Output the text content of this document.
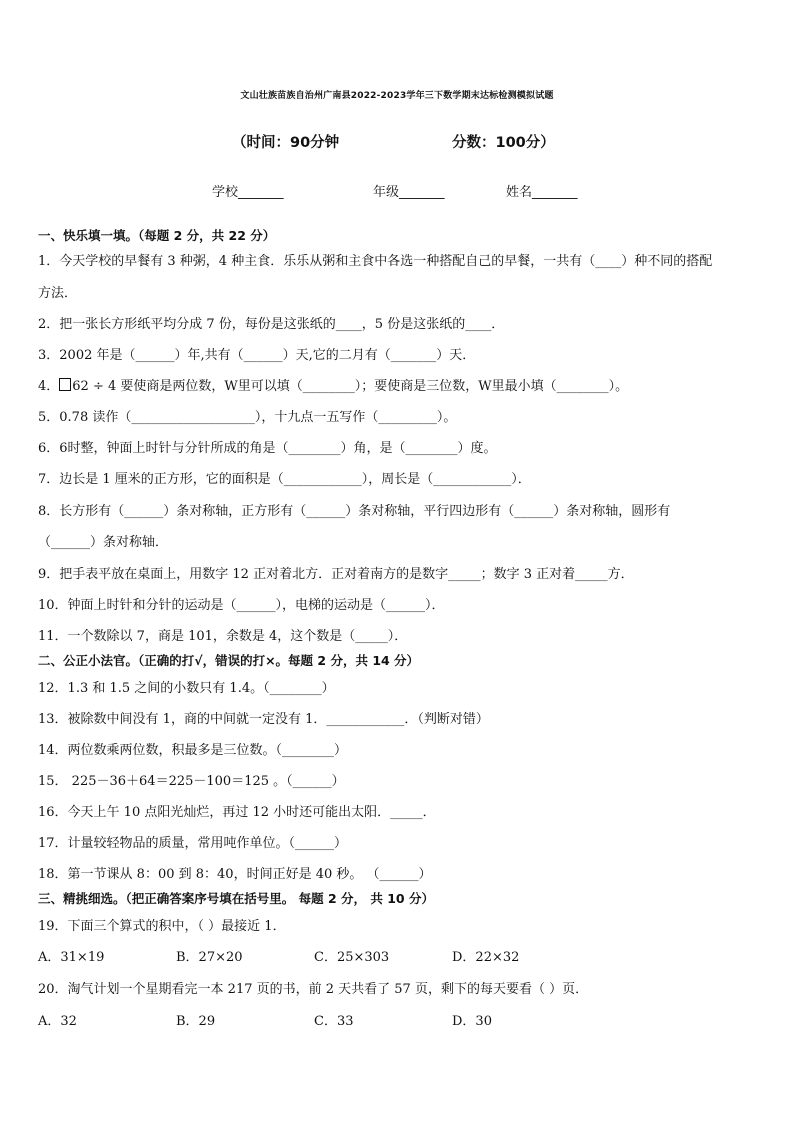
文山壮族苗族自治州广南县2022-2023学年三下数学期末达标检测模拟试题
（时间：90分钟	分数：100分）
学校_______	年级_______	姓名_______
一、快乐填一填。（每题 2 分，共 22 分）
1．今天学校的早餐有 3 种粥，4 种主食．乐乐从粥和主食中各选一种搭配自己的早餐，一共有（____）种不同的搭配
方法．
2．把一张长方形纸平均分成 7 份，每份是这张纸的____，5 份是这张纸的____．
3．2002 年是（______）年,共有（______）天,它的二月有（_______）天．
4． 62 ÷ 4 要使商是两位数，W里可以填（________）；要使商是三位数，W里最小填（________）。
5．0.78 读作（___________________），十九点一五写作（_________）。
6．6时整，钟面上时针与分针所成的角是（________）角，是（________）度。
7．边长是 1 厘米的正方形，它的面积是（____________），周长是（____________）．
8．长方形有（______）条对称轴，正方形有（______）条对称轴，平行四边形有（______）条对称轴，圆形有
（______）条对称轴．
9．把手表平放在桌面上，用数字 12 正对着北方．正对着南方的是数字_____；数字 3 正对着_____方．
10．钟面上时针和分针的运动是（______），电梯的运动是（______）．
11．一个数除以 7，商是 101，余数是 4，这个数是（_____）．
二、公正小法官。（正确的打√，错误的打×。每题 2 分，共 14 分）
12．1.3 和 1.5 之间的小数只有 1.4。（________）
13．被除数中间没有 1，商的中间就一定没有 1．____________．（判断对错）
14．两位数乘两位数，积最多是三位数。（________）
15． 225－36＋64＝225－100＝125 。（______）
16．今天上午 10 点阳光灿烂，再过 12 小时还可能出太阳．_____．
17．计量较轻物品的质量，常用吨作单位。（______）
18．第一节课从 8：00 到 8：40，时间正好是 40 秒。 （______）
三、精挑细选。（把正确答案序号填在括号里。 每题 2 分， 共 10 分）
19．下面三个算式的积中，（ ）最接近 1．
A．31×19	B．27×20	C．25×303	D．22×32
20．淘气计划一个星期看完一本 217 页的书，前 2 天共看了 57 页，剩下的每天要看（ ）页．
A．32	B．29	C．33	D．30
